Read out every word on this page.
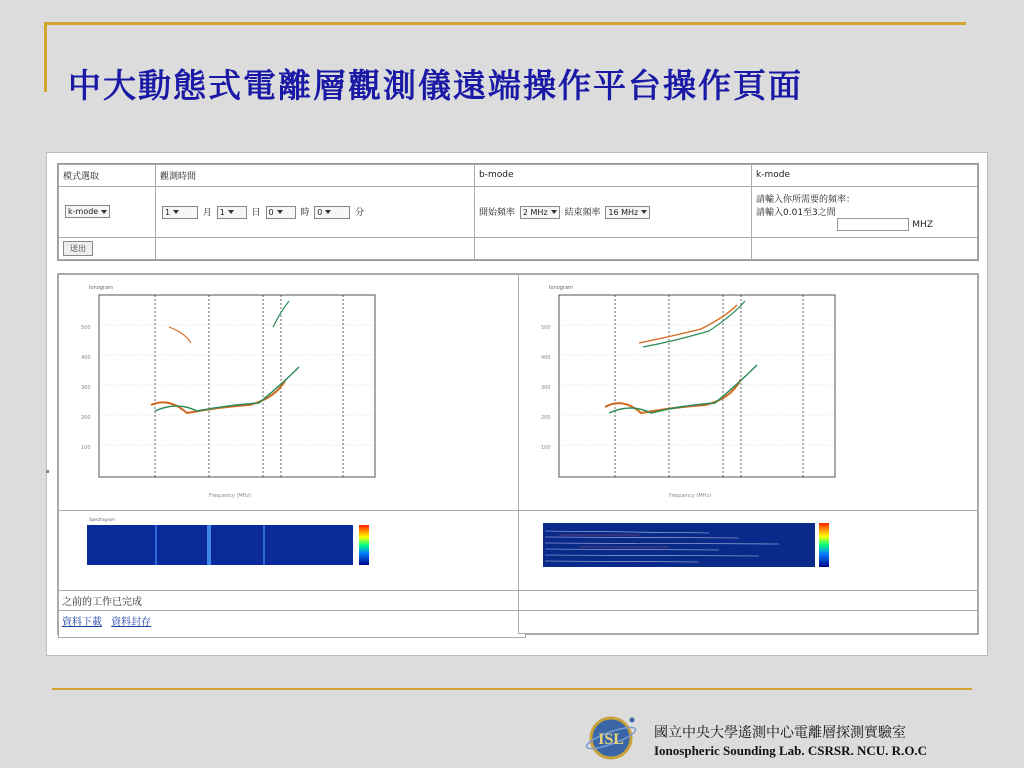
中大動態式電離層觀測儀遠端操作平台操作頁面
模式選取	觀測時間	b-mode	k-mode
k-mode	1 月 1 日 0 時 0 分	開始頻率 2 MHz 結束頻率 16 MHz	請輸入你所需要的頻率：
請輸入0.01至3之間
MHZ

送出			
Ionogram
500
400
300
200
100
Frequency (MHz)
Ionogram
500
400
300
200
100
Frequency (MHz)
Spectrogram
之前的工作已完成
資料下載 資料封存
ISL 國立中央大學遙測中心電離層探測實驗室
Ionospheric Sounding Lab. CSRSR. NCU. R.O.C
